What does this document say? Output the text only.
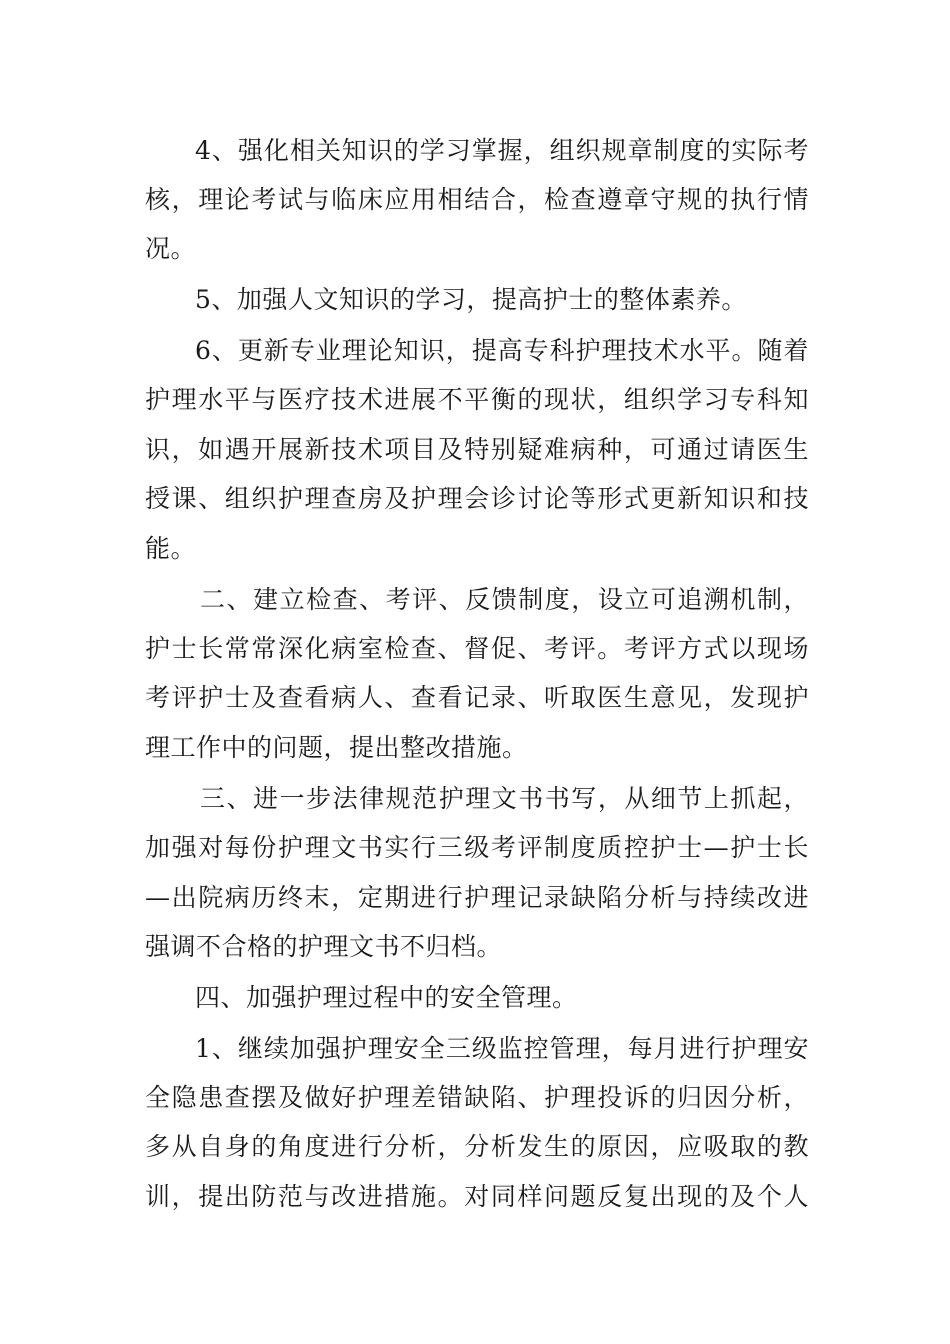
4、强化相关知识的学习掌握，组织规章制度的实际考

核，理论考试与临床应用相结合，检查遵章守规的执行情

况。

5、加强人文知识的学习，提高护士的整体素养。

6、更新专业理论知识，提高专科护理技术水平。随着

护理水平与医疗技术进展不平衡的现状，组织学习专科知

识，如遇开展新技术项目及特别疑难病种，可通过请医生

授课、组织护理查房及护理会诊讨论等形式更新知识和技

能。

二、建立检查、考评、反馈制度，设立可追溯机制，

护士长常常深化病室检查、督促、考评。考评方式以现场

考评护士及查看病人、查看记录、听取医生意见，发现护

理工作中的问题，提出整改措施。

三、进一步法律规范护理文书书写，从细节上抓起，

加强对每份护理文书实行三级考评制度质控护士—护士长

—出院病历终末，定期进行护理记录缺陷分析与持续改进

强调不合格的护理文书不归档。

四、加强护理过程中的安全管理。

1、继续加强护理安全三级监控管理，每月进行护理安

全隐患查摆及做好护理差错缺陷、护理投诉的归因分析，

多从自身的角度进行分析，分析发生的原因，应吸取的教

训，提出防范与改进措施。对同样问题反复出现的及个人
